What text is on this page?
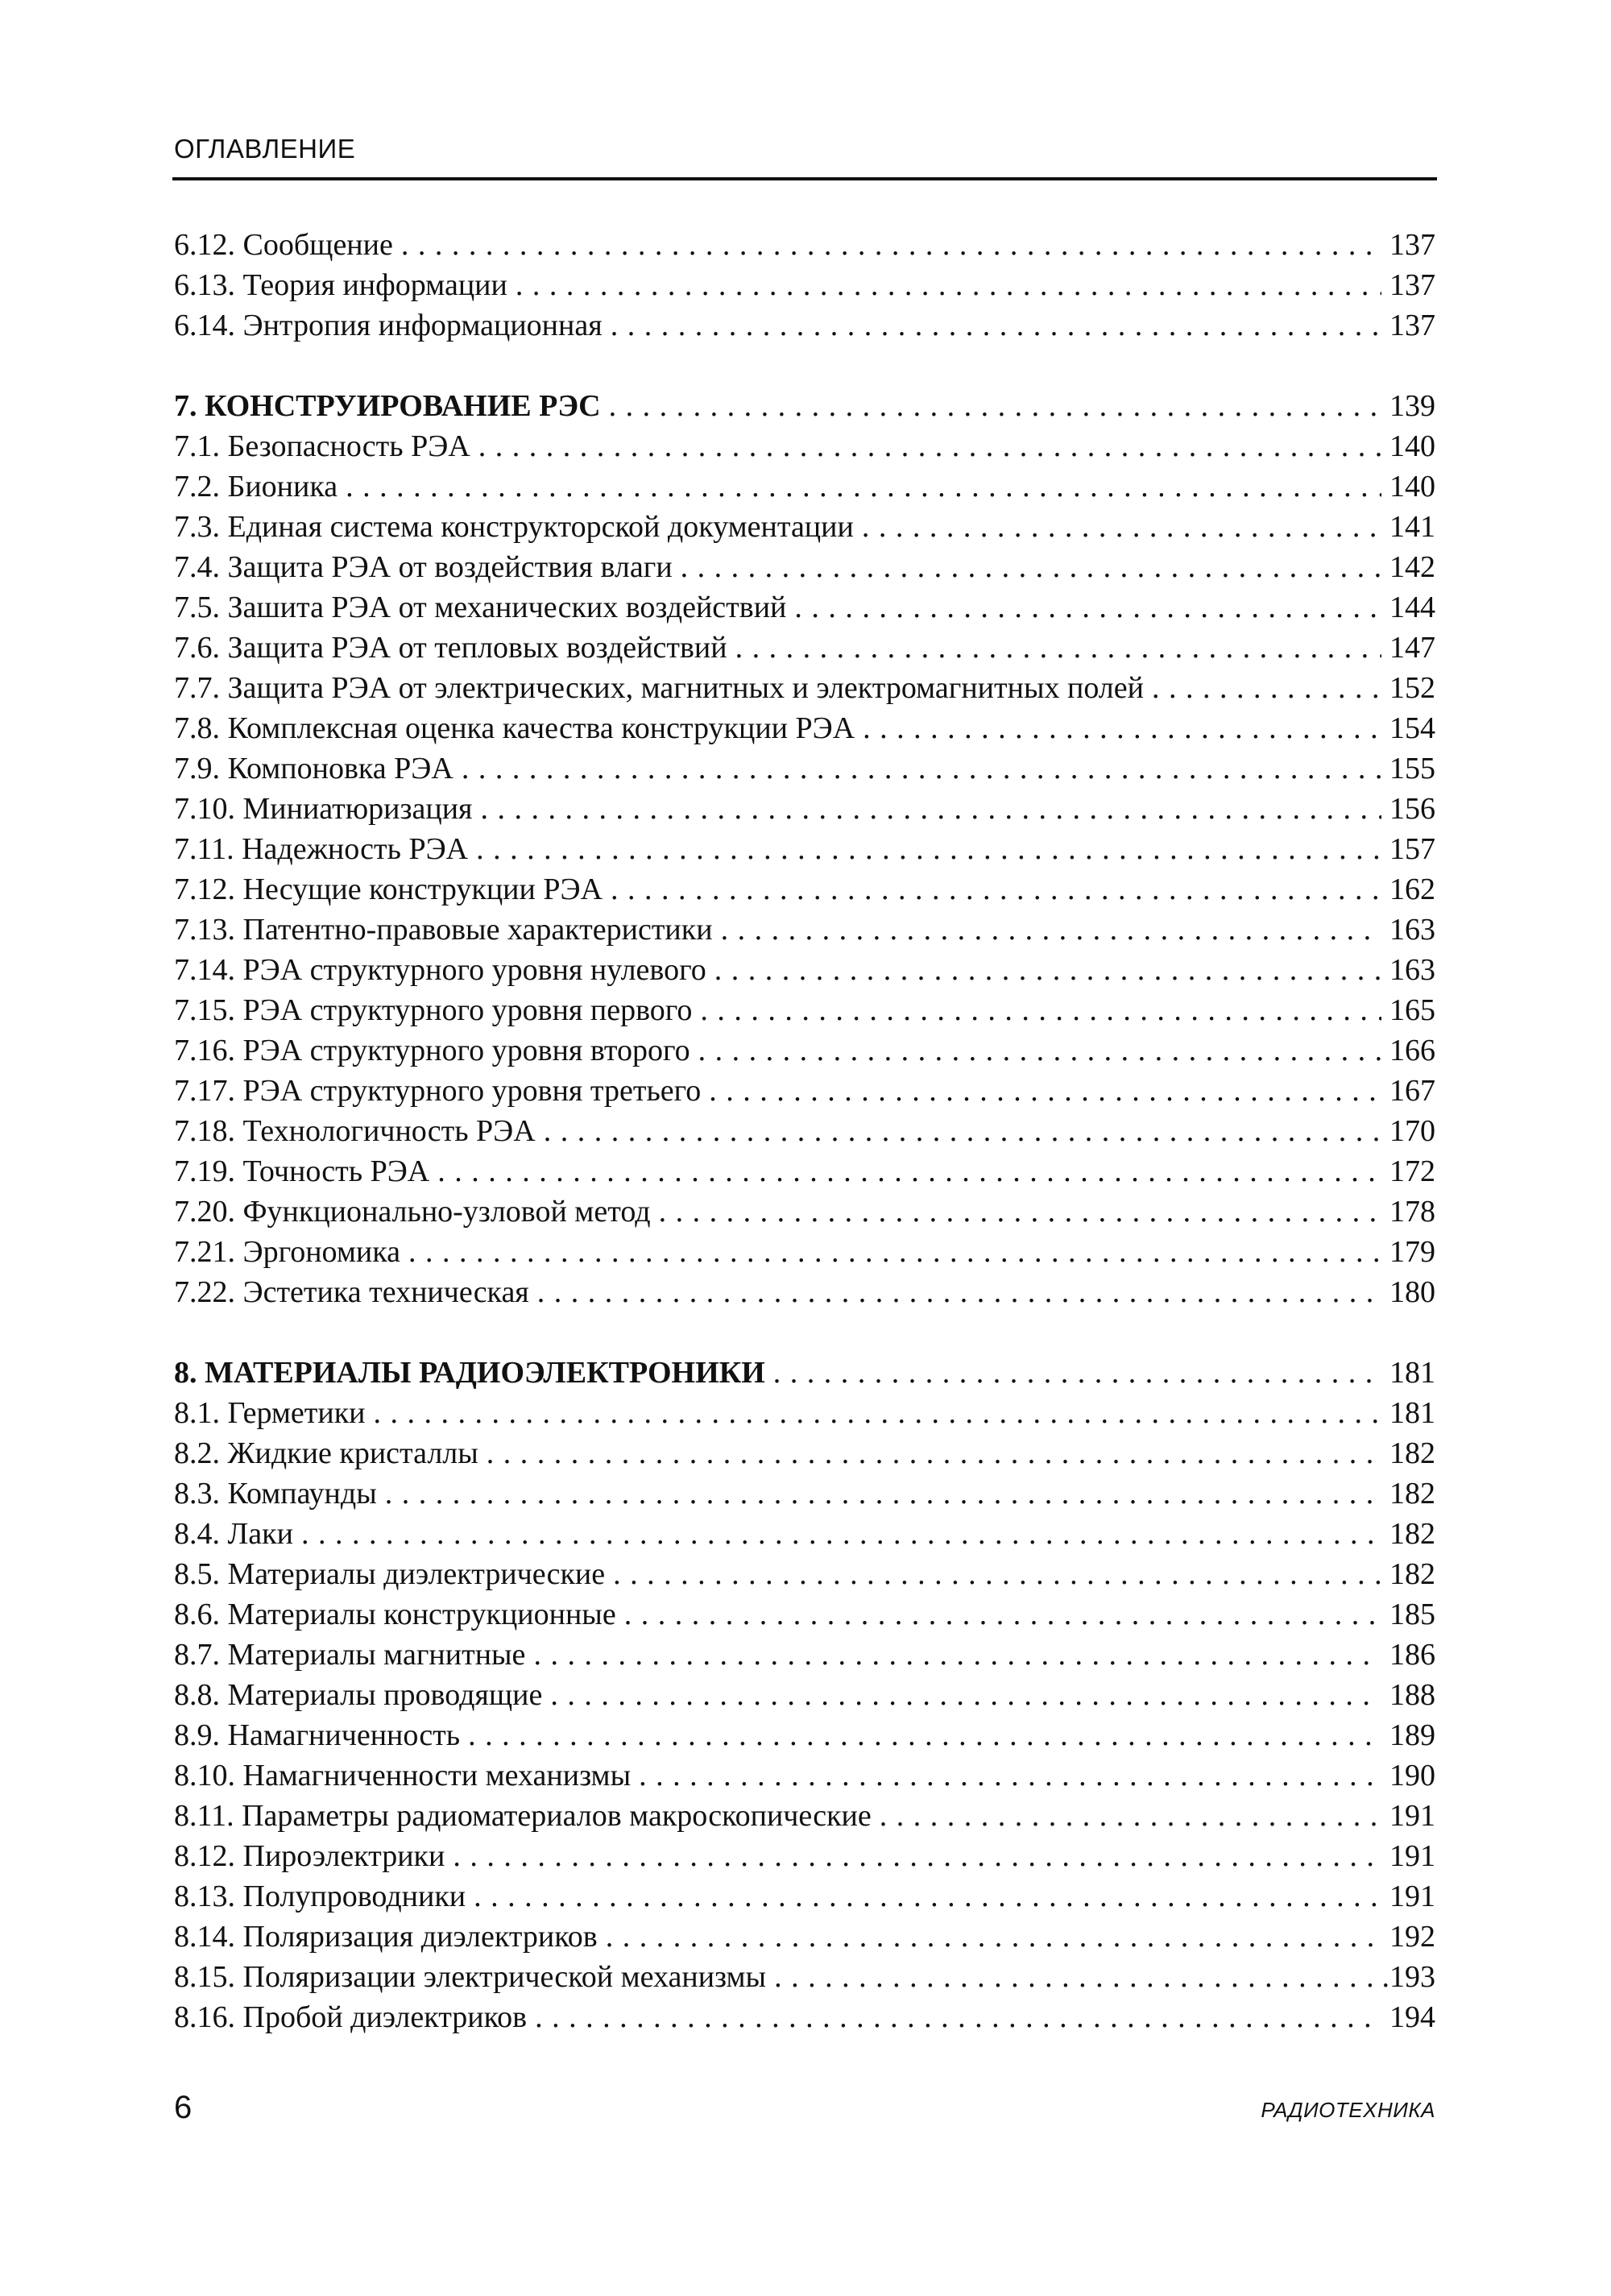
ОГЛАВЛЕНИЕ
6.12. Сообщение . . .	137
6.13. Теория информации . . .	137
6.14. Энтропия информационная . . .	137
7. КОНСТРУИРОВАНИЕ РЭС . . .	139
7.1. Безопасность РЭА . . .	140
7.2. Бионика . . .	140
7.3. Единая система конструкторской документации . . .	141
7.4. Защита РЭА от воздействия влаги . . .	142
7.5. Зашита РЭА от механических воздействий . . .	144
7.6. Защита РЭА от тепловых воздействий . . .	147
7.7. Защита РЭА от электрических, магнитных и электромагнитных полей . . .	152
7.8. Комплексная оценка качества конструкции РЭА . . .	154
7.9. Компоновка РЭА . . .	155
7.10. Миниатюризация . . .	156
7.11. Надежность РЭА . . .	157
7.12. Несущие конструкции РЭА . . .	162
7.13. Патентно-правовые характеристики . . .	163
7.14. РЭА структурного уровня нулевого . . .	163
7.15. РЭА структурного уровня первого . . .	165
7.16. РЭА структурного уровня второго . . .	166
7.17. РЭА структурного уровня третьего . . .	167
7.18. Технологичность РЭА . . .	170
7.19. Точность РЭА . . .	172
7.20. Функционально-узловой метод . . .	178
7.21. Эргономика . . .	179
7.22. Эстетика техническая . . .	180
8. МАТЕРИАЛЫ РАДИОЭЛЕКТРОНИКИ . . .	181
8.1. Герметики . . .	181
8.2. Жидкие кристаллы . . .	182
8.3. Компаунды . . .	182
8.4. Лаки . . .	182
8.5. Материалы диэлектрические . . .	182
8.6. Материалы конструкционные . . .	185
8.7. Материалы магнитные . . .	186
8.8. Материалы проводящие . . .	188
8.9. Намагниченность . . .	189
8.10. Намагниченности механизмы . . .	190
8.11. Параметры радиоматериалов макроскопические . . .	191
8.12. Пироэлектрики . . .	191
8.13. Полупроводники . . .	191
8.14. Поляризация диэлектриков . . .	192
8.15. Поляризации электрической механизмы . . .	.193
8.16. Пробой диэлектриков . . .	194
6	РАДИОТЕХНИКА
